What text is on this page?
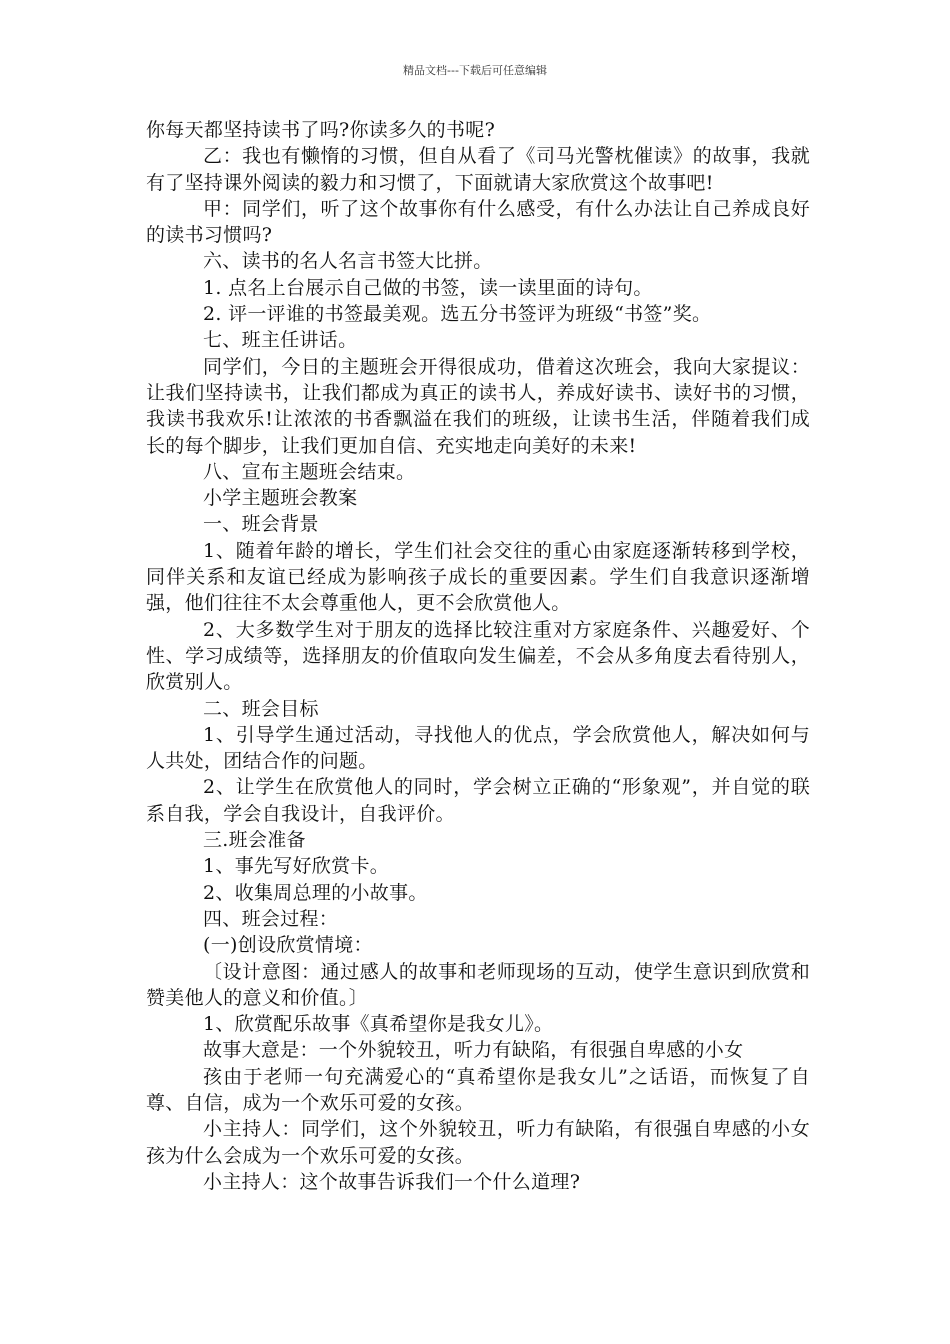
精品文档---下载后可任意编辑

你每天都坚持读书了吗?你读多久的书呢?

乙：我也有懒惰的习惯，但自从看了《司马光警枕催读》的故事，我就有了坚持课外阅读的毅力和习惯了，下面就请大家欣赏这个故事吧!

甲：同学们，听了这个故事你有什么感受，有什么办法让自己养成良好的读书习惯吗?

六、读书的名人名言书签大比拼。

1. 点名上台展示自己做的书签，读一读里面的诗句。

2. 评一评谁的书签最美观。选五分书签评为班级“书签”奖。

七、班主任讲话。

同学们，今日的主题班会开得很成功，借着这次班会，我向大家提议：让我们坚持读书，让我们都成为真正的读书人，养成好读书、读好书的习惯，我读书我欢乐!让浓浓的书香飘溢在我们的班级，让读书生活，伴随着我们成长的每个脚步，让我们更加自信、充实地走向美好的未来!

八、宣布主题班会结束。

小学主题班会教案

一、班会背景

1、随着年龄的增长，学生们社会交往的重心由家庭逐渐转移到学校，同伴关系和友谊已经成为影响孩子成长的重要因素。学生们自我意识逐渐增强，他们往往不太会尊重他人，更不会欣赏他人。

2、大多数学生对于朋友的选择比较注重对方家庭条件、兴趣爱好、个性、学习成绩等，选择朋友的价值取向发生偏差，不会从多角度去看待别人，欣赏别人。

二、班会目标

1、引导学生通过活动，寻找他人的优点，学会欣赏他人，解决如何与人共处，团结合作的问题。

2、让学生在欣赏他人的同时，学会树立正确的“形象观”，并自觉的联系自我，学会自我设计，自我评价。

三.班会准备

1、事先写好欣赏卡。

2、收集周总理的小故事。

四、班会过程：

(一)创设欣赏情境：

〔设计意图：通过感人的故事和老师现场的互动，使学生意识到欣赏和赞美他人的意义和价值。〕

1、欣赏配乐故事《真希望你是我女儿》。

故事大意是：一个外貌较丑，听力有缺陷，有很强自卑感的小女

孩由于老师一句充满爱心的“真希望你是我女儿”之话语，而恢复了自尊、自信，成为一个欢乐可爱的女孩。

小主持人：同学们，这个外貌较丑，听力有缺陷，有很强自卑感的小女孩为什么会成为一个欢乐可爱的女孩。

小主持人：这个故事告诉我们一个什么道理?
